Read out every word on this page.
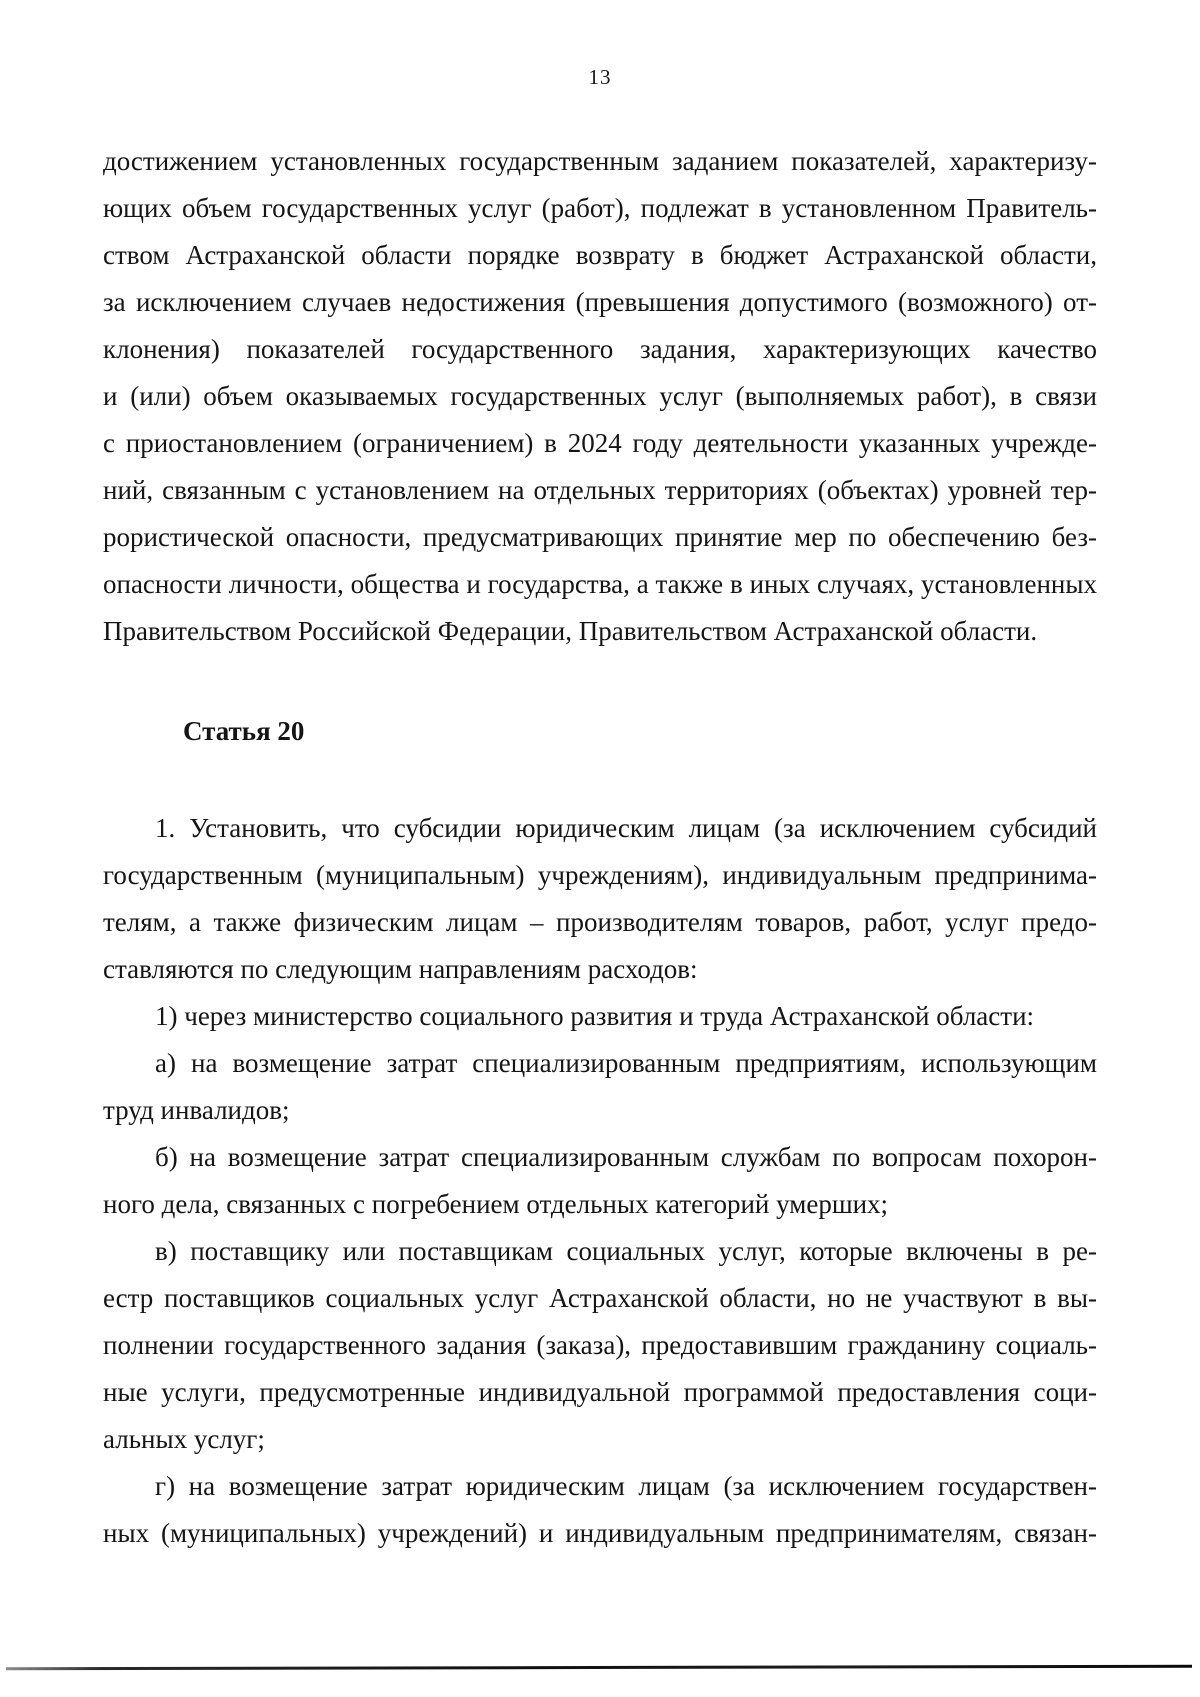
13
достижением установленных государственным заданием показателей, характеризу-
ющих объем государственных услуг (работ), подлежат в установленном Правитель-
ством Астраханской области порядке возврату в бюджет Астраханской области,
за исключением случаев недостижения (превышения допустимого (возможного) от-
клонения) показателей государственного задания, характеризующих качество
и (или) объем оказываемых государственных услуг (выполняемых работ), в связи
с приостановлением (ограничением) в 2024 году деятельности указанных учрежде-
ний, связанным с установлением на отдельных территориях (объектах) уровней тер-
рористической опасности, предусматривающих принятие мер по обеспечению без-
опасности личности, общества и государства, а также в иных случаях, установленных
Правительством Российской Федерации, Правительством Астраханской области.
Статья 20
1. Установить, что субсидии юридическим лицам (за исключением субсидий
государственным (муниципальным) учреждениям), индивидуальным предпринима-
телям, а также физическим лицам – производителям товаров, работ, услуг предо-
ставляются по следующим направлениям расходов:
1) через министерство социального развития и труда Астраханской области:
а) на возмещение затрат специализированным предприятиям, использующим
труд инвалидов;
б) на возмещение затрат специализированным службам по вопросам похорон-
ного дела, связанных с погребением отдельных категорий умерших;
в) поставщику или поставщикам социальных услуг, которые включены в ре-
естр поставщиков социальных услуг Астраханской области, но не участвуют в вы-
полнении государственного задания (заказа), предоставившим гражданину социаль-
ные услуги, предусмотренные индивидуальной программой предоставления соци-
альных услуг;
г) на возмещение затрат юридическим лицам (за исключением государствен-
ных (муниципальных) учреждений) и индивидуальным предпринимателям, связан-
